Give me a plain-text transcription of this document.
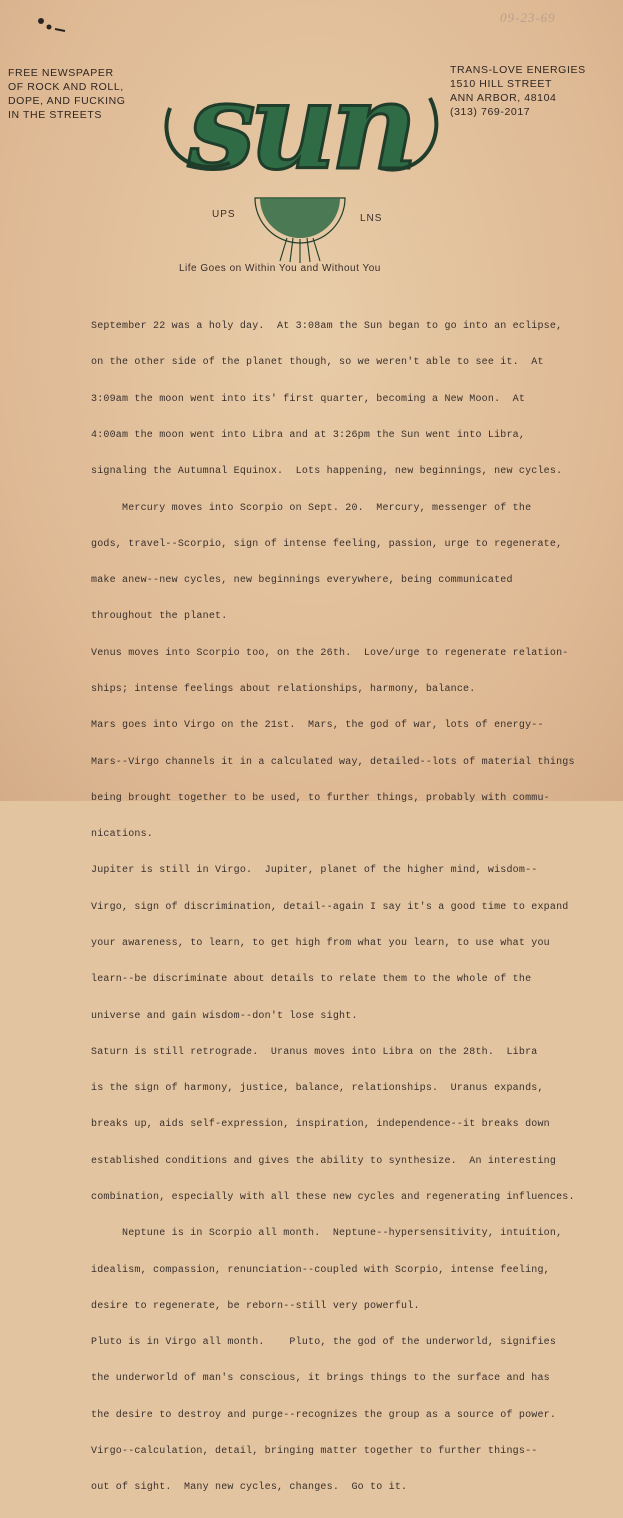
09-23-69
FREE NEWSPAPER
OF ROCK AND ROLL,
DOPE, AND FUCKING
IN THE STREETS
TRANS-LOVE ENERGIES
1510 HILL STREET
ANN ARBOR, 48104
(313) 769-2017
sun
UPS	LNS
Life Goes on Within You and Without You

September 22 was a holy day.  At 3:08am the Sun began to go into an eclipse,

on the other side of the planet though, so we weren't able to see it.  At

3:09am the moon went into its' first quarter, becoming a New Moon.  At

4:00am the moon went into Libra and at 3:26pm the Sun went into Libra,

signaling the Autumnal Equinox.  Lots happening, new beginnings, new cycles.

Mercury moves into Scorpio on Sept. 20.  Mercury, messenger of the

gods, travel--Scorpio, sign of intense feeling, passion, urge to regenerate,

make anew--new cycles, new beginnings everywhere, being communicated

throughout the planet.

Venus moves into Scorpio too, on the 26th.  Love/urge to regenerate relation-

ships; intense feelings about relationships, harmony, balance.

Mars goes into Virgo on the 21st.  Mars, the god of war, lots of energy--

Mars--Virgo channels it in a calculated way, detailed--lots of material things

being brought together to be used, to further things, probably with commu-

nications.

Jupiter is still in Virgo.  Jupiter, planet of the higher mind, wisdom--

Virgo, sign of discrimination, detail--again I say it's a good time to expand

your awareness, to learn, to get high from what you learn, to use what you

learn--be discriminate about details to relate them to the whole of the

universe and gain wisdom--don't lose sight.

Saturn is still retrograde.  Uranus moves into Libra on the 28th.  Libra

is the sign of harmony, justice, balance, relationships.  Uranus expands,

breaks up, aids self-expression, inspiration, independence--it breaks down

established conditions and gives the ability to synthesize.  An interesting

combination, especially with all these new cycles and regenerating influences.

Neptune is in Scorpio all month.  Neptune--hypersensitivity, intuition,

idealism, compassion, renunciation--coupled with Scorpio, intense feeling,

desire to regenerate, be reborn--still very powerful.

Pluto is in Virgo all month.    Pluto, the god of the underworld, signifies

the underworld of man's conscious, it brings things to the surface and has

the desire to destroy and purge--recognizes the group as a source of power.

Virgo--calculation, detail, bringing matter together to further things--

out of sight.  Many new cycles, changes.  Go to it.
